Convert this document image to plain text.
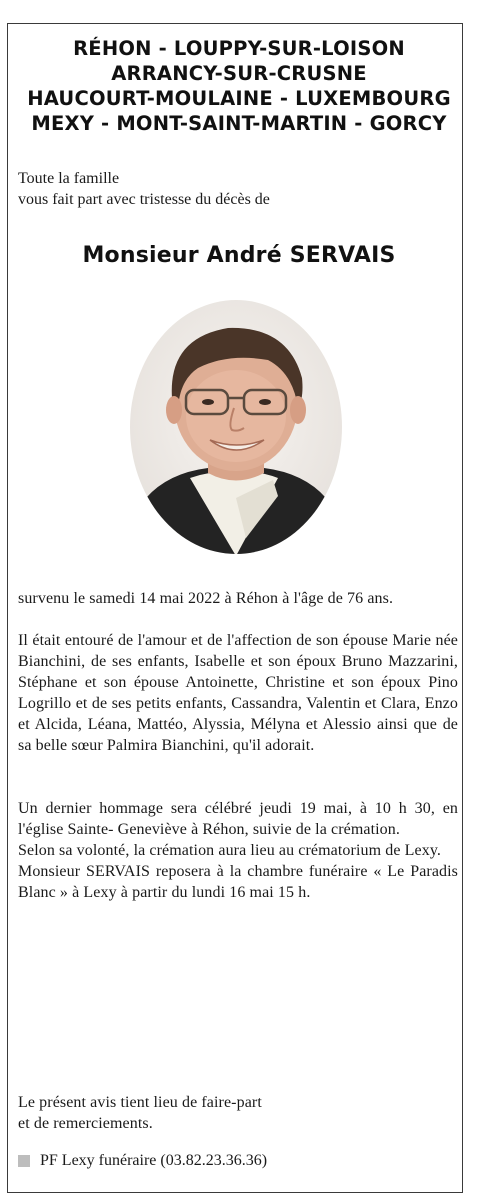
RÉHON - LOUPPY-SUR-LOISON
ARRANCY-SUR-CRUSNE
HAUCOURT-MOULAINE - LUXEMBOURG
MEXY - MONT-SAINT-MARTIN - GORCY
Toute la famille
vous fait part avec tristesse du décès de
Monsieur André SERVAIS
survenu le samedi 14 mai 2022 à Réhon à l'âge de 76 ans.
Il était entouré de l'amour et de l'affection de son épouse Marie née Bianchini, de ses enfants, Isabelle et son époux Bruno Mazzarini, Stéphane et son épouse Antoinette, Christine et son époux Pino Logrillo et de ses petits enfants, Cassandra, Valentin et Clara, Enzo et Alcida, Léana, Mattéo, Alyssia, Mélyna et Alessio ainsi que de sa belle sœur Palmira Bianchini, qu'il adorait.
Un dernier hommage sera célébré jeudi 19 mai, à 10 h 30, en l'église Sainte- Geneviève à Réhon, suivie de la crémation.
Selon sa volonté, la crémation aura lieu au crématorium de Lexy.
Monsieur SERVAIS reposera à la chambre funéraire « Le Paradis Blanc » à Lexy à partir du lundi 16 mai 15 h.
Le présent avis tient lieu de faire-part
et de remerciements.
PF Lexy funéraire (03.82.23.36.36)
